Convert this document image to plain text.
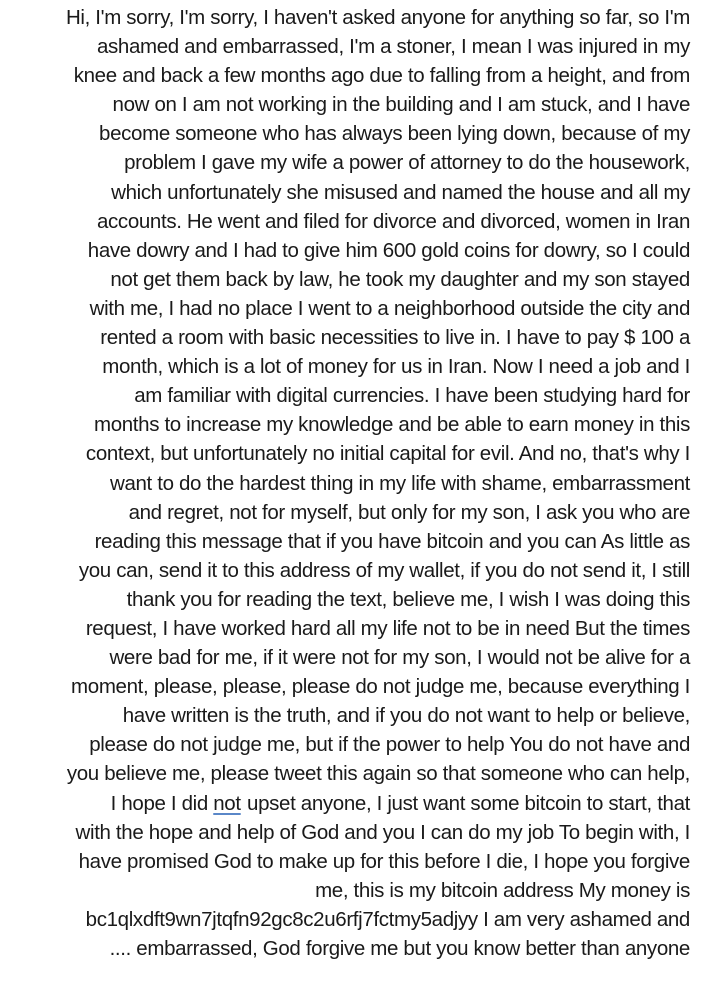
Hi, I'm sorry, I'm sorry, I haven't asked anyone for anything so far, so I'm
ashamed and embarrassed, I'm a stoner, I mean I was injured in my
knee and back a few months ago due to falling from a height, and from
now on I am not working in the building and I am stuck, and I have
become someone who has always been lying down, because of my
problem I gave my wife a power of attorney to do the housework,
which unfortunately she misused and named the house and all my
accounts. He went and filed for divorce and divorced, women in Iran
have dowry and I had to give him 600 gold coins for dowry, so I could
not get them back by law, he took my daughter and my son stayed
with me, I had no place I went to a neighborhood outside the city and
rented a room with basic necessities to live in. I have to pay $ 100 a
month, which is a lot of money for us in Iran. Now I need a job and I
am familiar with digital currencies. I have been studying hard for
months to increase my knowledge and be able to earn money in this
context, but unfortunately no initial capital for evil. And no, that's why I
want to do the hardest thing in my life with shame, embarrassment
and regret, not for myself, but only for my son, I ask you who are
reading this message that if you have bitcoin and you can As little as
you can, send it to this address of my wallet, if you do not send it, I still
thank you for reading the text, believe me, I wish I was doing this
request, I have worked hard all my life not to be in need But the times
were bad for me, if it were not for my son, I would not be alive for a
moment, please, please, please do not judge me, because everything I
have written is the truth, and if you do not want to help or believe,
please do not judge me, but if the power to help You do not have and
you believe me, please tweet this again so that someone who can help,
I hope I did not upset anyone, I just want some bitcoin to start, that
with the hope and help of God and you I can do my job To begin with, I
have promised God to make up for this before I die, I hope you forgive
me, this is my bitcoin address My money is
bc1qlxdft9wn7jtqfn92gc8c2u6rfj7fctmy5adjyy I am very ashamed and
.... embarrassed, God forgive me but you know better than anyone
